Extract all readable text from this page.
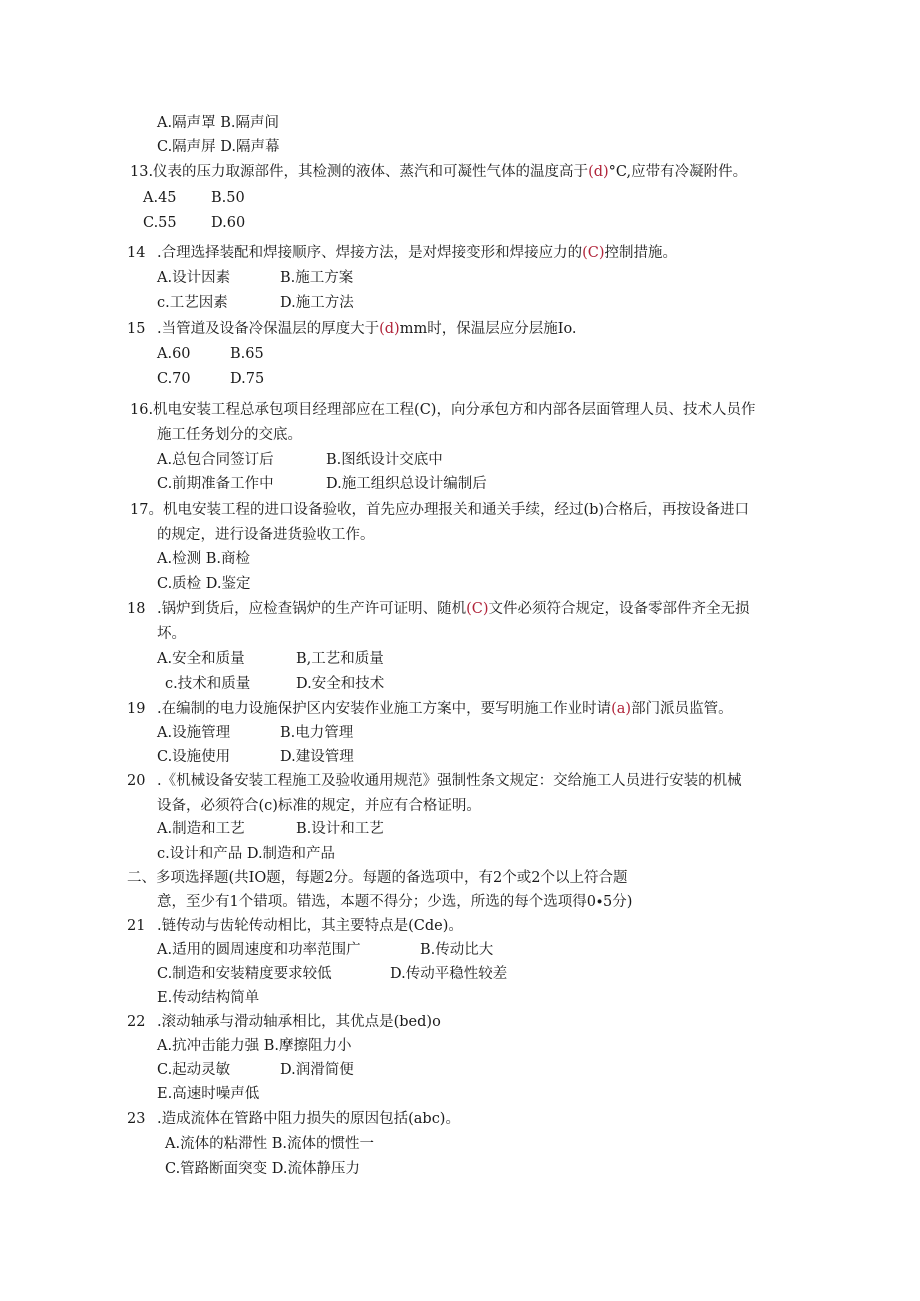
A.隔声罩 B.隔声间
C.隔声屏 D.隔声幕
13.仪表的压力取源部件，其检测的液体、蒸汽和可凝性气体的温度高于(d)°C,应带有冷凝附件。
A.45 B.50
C.55 D.60
14 .合理选择装配和焊接顺序、焊接方法，是对焊接变形和焊接应力的(C)控制措施。
A.设计因素	B.施工方案
c.工艺因素	D.施工方法
15 .当管道及设备冷保温层的厚度大于(d)mm时，保温层应分层施Io.
A.60	B.65
C.70	D.75
16.机电安装工程总承包项目经理部应在工程(C)，向分承包方和内部各层面管理人员、技术人员作
施工任务划分的交底。
A.总包合同签订后	B.图纸设计交底中
C.前期准备工作中	D.施工组织总设计编制后
17。机电安装工程的进口设备验收，首先应办理报关和通关手续，经过(b)合格后，再按设备进口
的规定，进行设备进货验收工作。
A.检测 B.商检
C.质检 D.鉴定
18 .锅炉到货后，应检查锅炉的生产许可证明、随机(C)文件必须符合规定，设备零部件齐全无损
坏。
A.安全和质量	B,工艺和质量
c.技术和质量	D.安全和技术
19 .在编制的电力设施保护区内安装作业施工方案中，要写明施工作业时请(a)部门派员监管。
A.设施管理	B.电力管理
C.设施使用	D.建设管理
20 .《机械设备安装工程施工及验收通用规范》强制性条文规定：交给施工人员进行安装的机械
设备，必须符合(c)标准的规定，并应有合格证明。
A.制造和工艺	B.设计和工艺
c.设计和产品 D.制造和产品
二、多项选择题(共IO题，每题2分。每题的备选项中，有2个或2个以上符合题
意，至少有1个错项。错选，本题不得分；少选，所选的每个选项得0∙5分)
21 .链传动与齿轮传动相比，其主要特点是(Cde)。
A.适用的圆周速度和功率范围广	B.传动比大
C.制造和安装精度要求较低	D.传动平稳性较差
E.传动结构简单
22 .滚动轴承与滑动轴承相比，其优点是(bed)o
A.抗冲击能力强 B.摩擦阻力小
C.起动灵敏	D.润滑简便
E.高速时噪声低
23 .造成流体在管路中阻力损失的原因包括(abc)。
A.流体的粘滞性 B.流体的惯性一
C.管路断面突变 D.流体静压力
